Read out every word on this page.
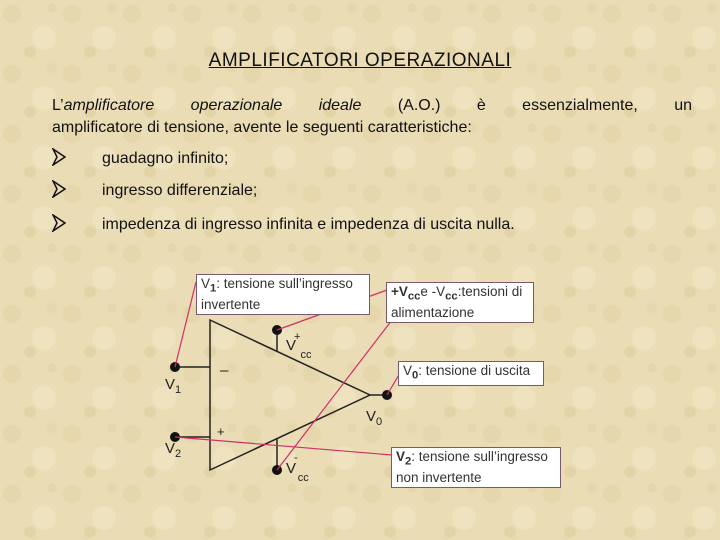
AMPLIFICATORI OPERAZIONALI
L’amplificatore operazionale ideale (A.O.) è essenzialmente, un
amplificatore di tensione, avente le seguenti caratteristiche:
guadagno infinito;
ingresso differenziale;
impedenza di ingresso infinita e impedenza di uscita nulla.
–
+
$V^+_{cc}$
$V^-_{cc}$
$V_1$
$V_2$
$V_0$
$V_1$: tensione sull’ingresso
invertente
$+V_{cc}e$ $-V_{cc}:tensioni$ di
alimentazione
$V_0$: tensione di uscita
$V_2$: tensione sull’ingresso
non invertente
